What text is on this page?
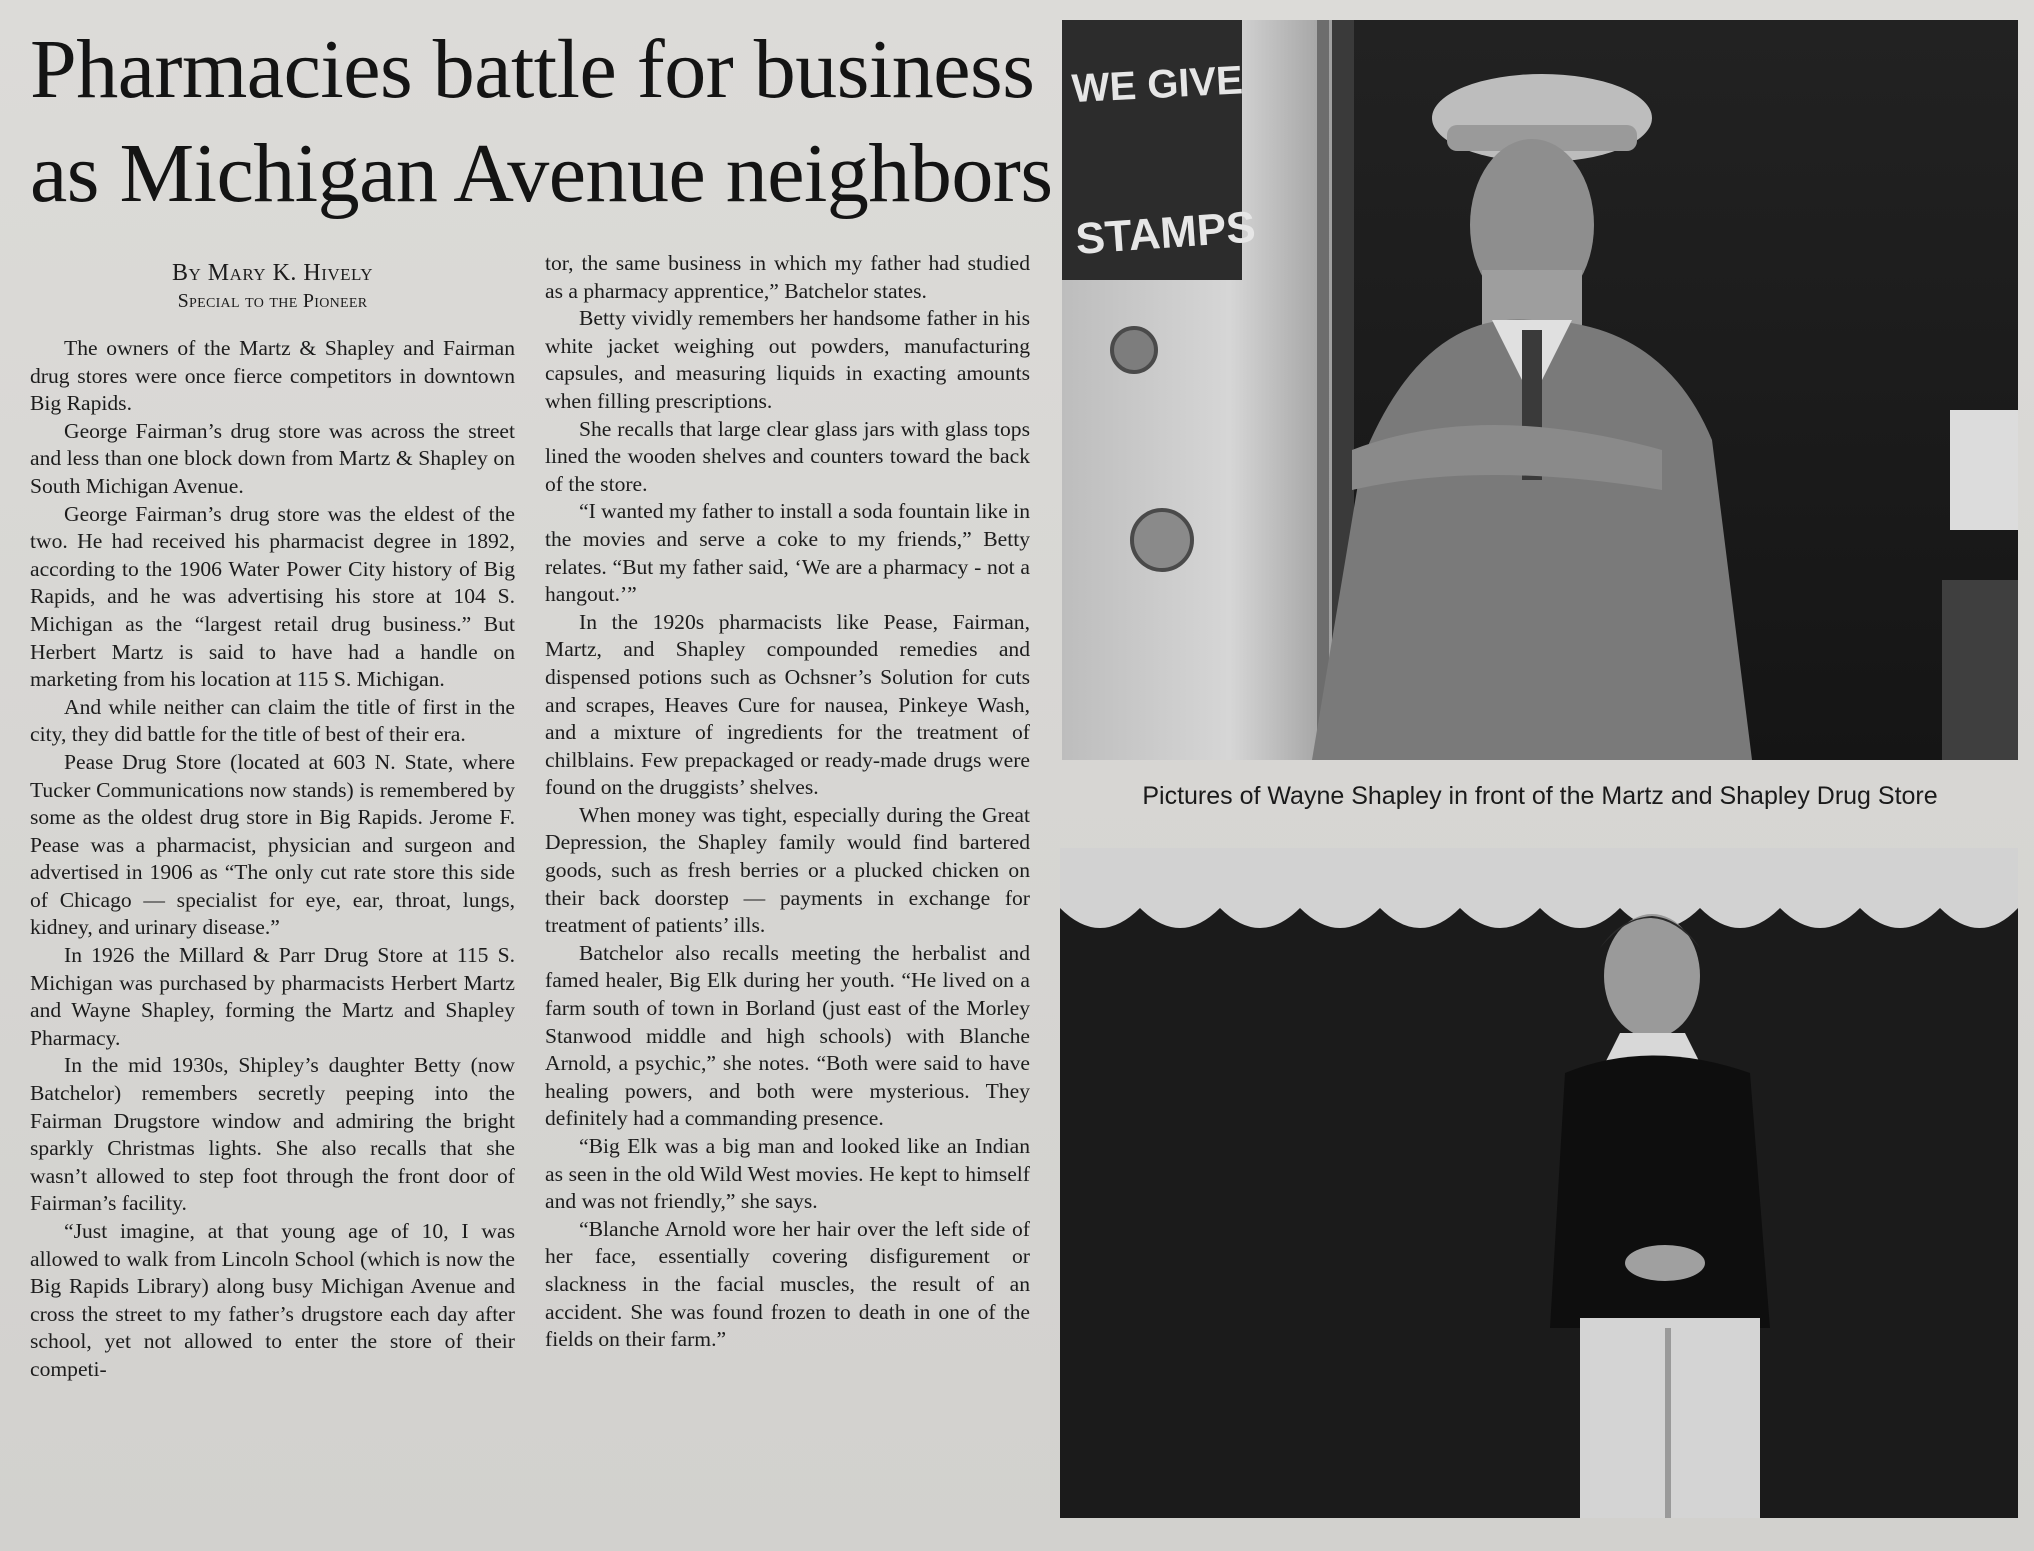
Pharmacies battle for business
as Michigan Avenue neighbors
By Mary K. Hively
Special to the Pioneer

The owners of the Martz & Shapley and Fairman drug stores were once fierce competitors in downtown Big Rapids.

George Fairman’s drug store was across the street and less than one block down from Martz & Shapley on South Michigan Avenue.

George Fairman’s drug store was the eldest of the two. He had received his pharmacist degree in 1892, according to the 1906 Water Power City history of Big Rapids, and he was advertising his store at 104 S. Michigan as the “largest retail drug business.” But Herbert Martz is said to have had a handle on marketing from his location at 115 S. Michigan.

And while neither can claim the title of first in the city, they did battle for the title of best of their era.

Pease Drug Store (located at 603 N. State, where Tucker Communications now stands) is remembered by some as the oldest drug store in Big Rapids. Jerome F. Pease was a pharmacist, physician and surgeon and advertised in 1906 as “The only cut rate store this side of Chicago — specialist for eye, ear, throat, lungs, kidney, and urinary disease.”

In 1926 the Millard & Parr Drug Store at 115 S. Michigan was purchased by pharmacists Herbert Martz and Wayne Shapley, forming the Martz and Shapley Pharmacy.

In the mid 1930s, Shipley’s daughter Betty (now Batchelor) remembers secretly peeping into the Fairman Drugstore window and admiring the bright sparkly Christmas lights. She also recalls that she wasn’t allowed to step foot through the front door of Fairman’s facility.

“Just imagine, at that young age of 10, I was allowed to walk from Lincoln School (which is now the Big Rapids Library) along busy Michigan Avenue and cross the street to my father’s drugstore each day after school, yet not allowed to enter the store of their competi-

tor, the same business in which my father had studied as a pharmacy apprentice,” Batchelor states.

Betty vividly remembers her handsome father in his white jacket weighing out powders, manufacturing capsules, and measuring liquids in exacting amounts when filling prescriptions.

She recalls that large clear glass jars with glass tops lined the wooden shelves and counters toward the back of the store.

“I wanted my father to install a soda fountain like in the movies and serve a coke to my friends,” Betty relates. “But my father said, ‘We are a pharmacy - not a hangout.’”

In the 1920s pharmacists like Pease, Fairman, Martz, and Shapley compounded remedies and dispensed potions such as Ochsner’s Solution for cuts and scrapes, Heaves Cure for nausea, Pinkeye Wash, and a mixture of ingredients for the treatment of chilblains. Few prepackaged or ready-made drugs were found on the druggists’ shelves.

When money was tight, especially during the Great Depression, the Shapley family would find bartered goods, such as fresh berries or a plucked chicken on their back doorstep — payments in exchange for treatment of patients’ ills.

Batchelor also recalls meeting the herbalist and famed healer, Big Elk during her youth. “He lived on a farm south of town in Borland (just east of the Morley Stanwood middle and high schools) with Blanche Arnold, a psychic,” she notes. “Both were said to have healing powers, and both were mysterious. They definitely had a commanding presence.

“Big Elk was a big man and looked like an Indian as seen in the old Wild West movies. He kept to himself and was not friendly,” she says.

“Blanche Arnold wore her hair over the left side of her face, essentially covering disfigurement or slackness in the facial muscles, the result of an accident. She was found frozen to death in one of the fields on their farm.”

WE GIVE
STAMPS
Pictures of Wayne Shapley in front of the Martz and Shapley Drug Store
